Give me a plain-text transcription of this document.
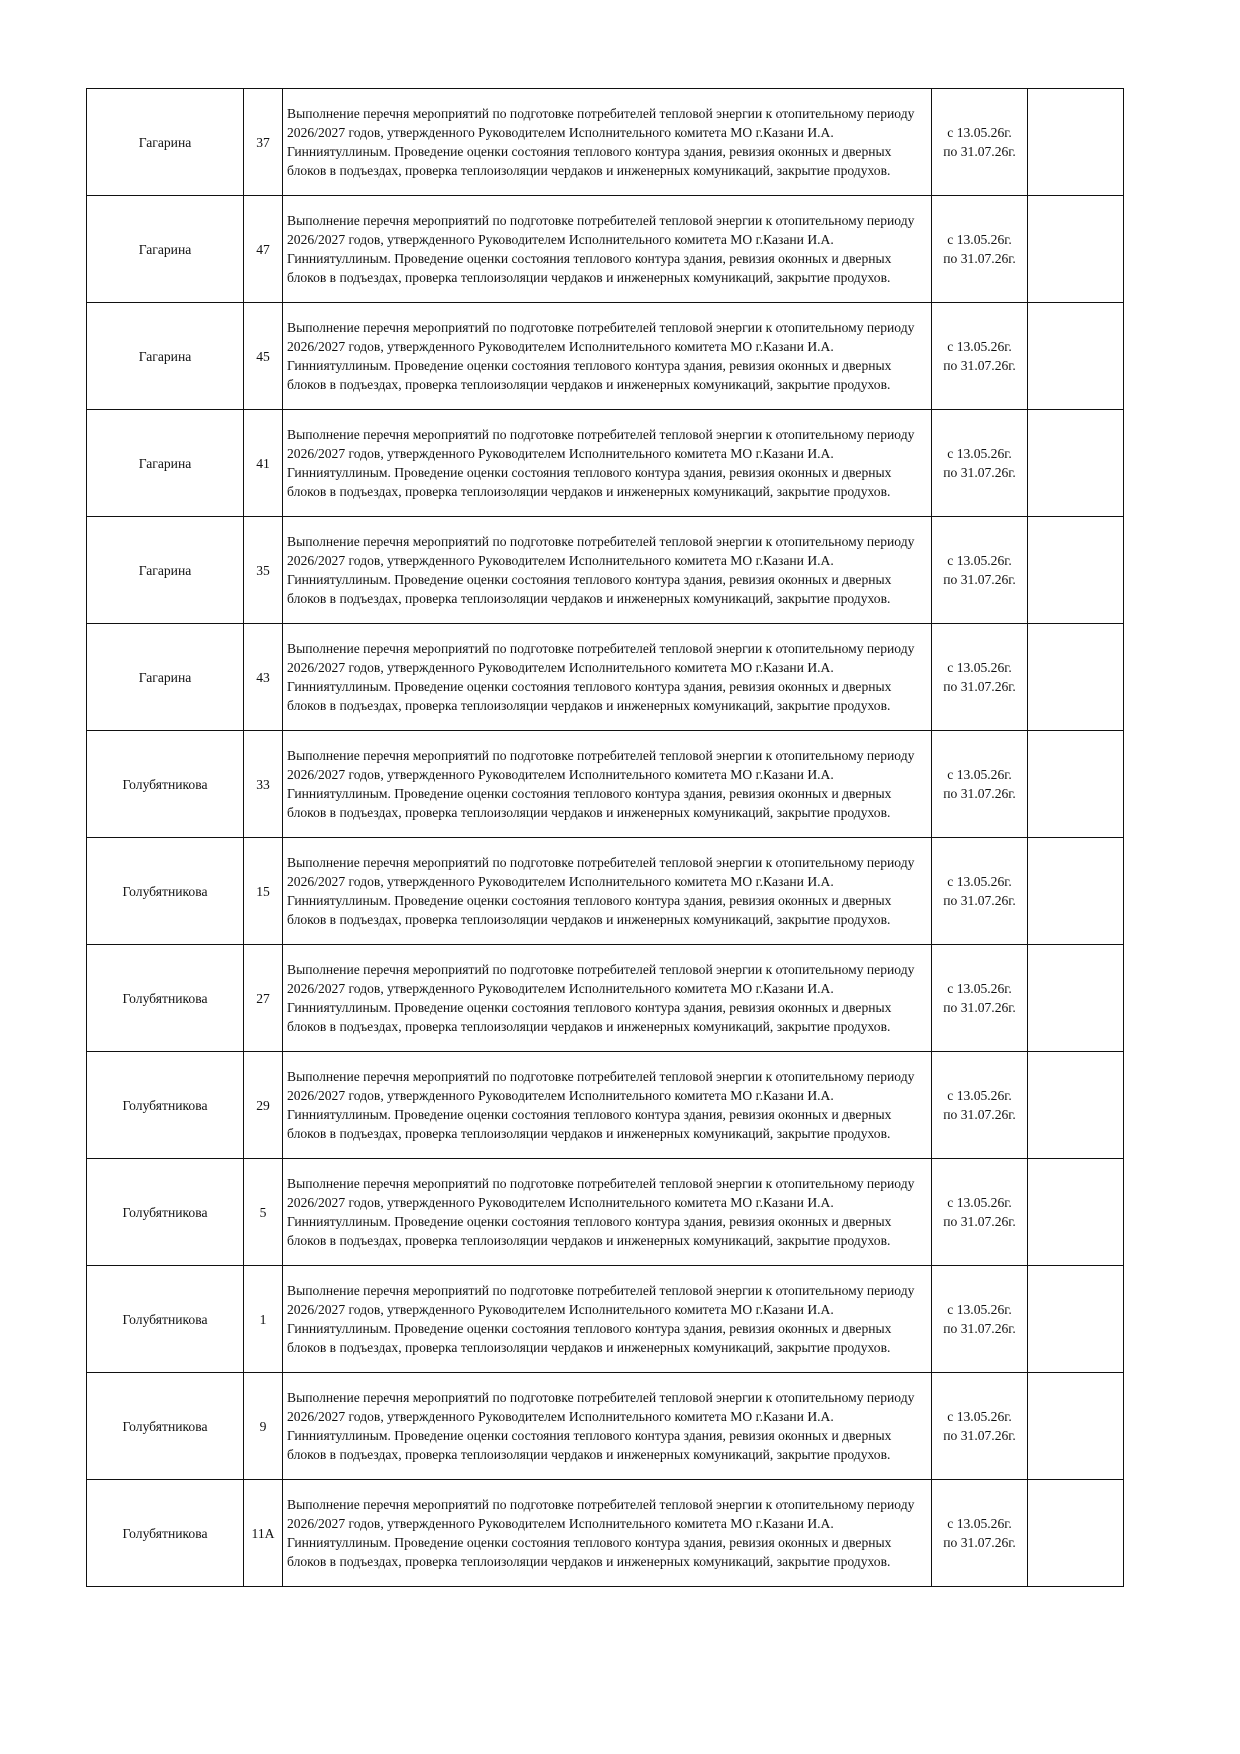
Гагарина	37	Выполнение перечня мероприятий по подготовке потребителей тепловой энергии к отопительному периоду 2026/2027 годов, утвержденного Руководителем Исполнительного комитета МО г.Казани И.А. Гинниятуллиным. Проведение оценки состояния теплового контура здания, ревизия оконных и дверных блоков в подъездах, проверка теплоизоляции чердаков и инженерных комуникаций, закрытие продухов.	с 13.05.26г.
по 31.07.26г.	

Гагарина	47	Выполнение перечня мероприятий по подготовке потребителей тепловой энергии к отопительному периоду 2026/2027 годов, утвержденного Руководителем Исполнительного комитета МО г.Казани И.А. Гинниятуллиным. Проведение оценки состояния теплового контура здания, ревизия оконных и дверных блоков в подъездах, проверка теплоизоляции чердаков и инженерных комуникаций, закрытие продухов.	с 13.05.26г.
по 31.07.26г.	

Гагарина	45	Выполнение перечня мероприятий по подготовке потребителей тепловой энергии к отопительному периоду 2026/2027 годов, утвержденного Руководителем Исполнительного комитета МО г.Казани И.А. Гинниятуллиным. Проведение оценки состояния теплового контура здания, ревизия оконных и дверных блоков в подъездах, проверка теплоизоляции чердаков и инженерных комуникаций, закрытие продухов.	с 13.05.26г.
по 31.07.26г.	

Гагарина	41	Выполнение перечня мероприятий по подготовке потребителей тепловой энергии к отопительному периоду 2026/2027 годов, утвержденного Руководителем Исполнительного комитета МО г.Казани И.А. Гинниятуллиным. Проведение оценки состояния теплового контура здания, ревизия оконных и дверных блоков в подъездах, проверка теплоизоляции чердаков и инженерных комуникаций, закрытие продухов.	с 13.05.26г.
по 31.07.26г.	

Гагарина	35	Выполнение перечня мероприятий по подготовке потребителей тепловой энергии к отопительному периоду 2026/2027 годов, утвержденного Руководителем Исполнительного комитета МО г.Казани И.А. Гинниятуллиным. Проведение оценки состояния теплового контура здания, ревизия оконных и дверных блоков в подъездах, проверка теплоизоляции чердаков и инженерных комуникаций, закрытие продухов.	с 13.05.26г.
по 31.07.26г.	

Гагарина	43	Выполнение перечня мероприятий по подготовке потребителей тепловой энергии к отопительному периоду 2026/2027 годов, утвержденного Руководителем Исполнительного комитета МО г.Казани И.А. Гинниятуллиным. Проведение оценки состояния теплового контура здания, ревизия оконных и дверных блоков в подъездах, проверка теплоизоляции чердаков и инженерных комуникаций, закрытие продухов.	с 13.05.26г.
по 31.07.26г.	

Голубятникова	33	Выполнение перечня мероприятий по подготовке потребителей тепловой энергии к отопительному периоду 2026/2027 годов, утвержденного Руководителем Исполнительного комитета МО г.Казани И.А. Гинниятуллиным. Проведение оценки состояния теплового контура здания, ревизия оконных и дверных блоков в подъездах, проверка теплоизоляции чердаков и инженерных комуникаций, закрытие продухов.	с 13.05.26г.
по 31.07.26г.	

Голубятникова	15	Выполнение перечня мероприятий по подготовке потребителей тепловой энергии к отопительному периоду 2026/2027 годов, утвержденного Руководителем Исполнительного комитета МО г.Казани И.А. Гинниятуллиным. Проведение оценки состояния теплового контура здания, ревизия оконных и дверных блоков в подъездах, проверка теплоизоляции чердаков и инженерных комуникаций, закрытие продухов.	с 13.05.26г.
по 31.07.26г.	

Голубятникова	27	Выполнение перечня мероприятий по подготовке потребителей тепловой энергии к отопительному периоду 2026/2027 годов, утвержденного Руководителем Исполнительного комитета МО г.Казани И.А. Гинниятуллиным. Проведение оценки состояния теплового контура здания, ревизия оконных и дверных блоков в подъездах, проверка теплоизоляции чердаков и инженерных комуникаций, закрытие продухов.	с 13.05.26г.
по 31.07.26г.	

Голубятникова	29	Выполнение перечня мероприятий по подготовке потребителей тепловой энергии к отопительному периоду 2026/2027 годов, утвержденного Руководителем Исполнительного комитета МО г.Казани И.А. Гинниятуллиным. Проведение оценки состояния теплового контура здания, ревизия оконных и дверных блоков в подъездах, проверка теплоизоляции чердаков и инженерных комуникаций, закрытие продухов.	с 13.05.26г.
по 31.07.26г.	

Голубятникова	5	Выполнение перечня мероприятий по подготовке потребителей тепловой энергии к отопительному периоду 2026/2027 годов, утвержденного Руководителем Исполнительного комитета МО г.Казани И.А. Гинниятуллиным. Проведение оценки состояния теплового контура здания, ревизия оконных и дверных блоков в подъездах, проверка теплоизоляции чердаков и инженерных комуникаций, закрытие продухов.	с 13.05.26г.
по 31.07.26г.	

Голубятникова	1	Выполнение перечня мероприятий по подготовке потребителей тепловой энергии к отопительному периоду 2026/2027 годов, утвержденного Руководителем Исполнительного комитета МО г.Казани И.А. Гинниятуллиным. Проведение оценки состояния теплового контура здания, ревизия оконных и дверных блоков в подъездах, проверка теплоизоляции чердаков и инженерных комуникаций, закрытие продухов.	с 13.05.26г.
по 31.07.26г.	

Голубятникова	9	Выполнение перечня мероприятий по подготовке потребителей тепловой энергии к отопительному периоду 2026/2027 годов, утвержденного Руководителем Исполнительного комитета МО г.Казани И.А. Гинниятуллиным. Проведение оценки состояния теплового контура здания, ревизия оконных и дверных блоков в подъездах, проверка теплоизоляции чердаков и инженерных комуникаций, закрытие продухов.	с 13.05.26г.
по 31.07.26г.	

Голубятникова	11А	Выполнение перечня мероприятий по подготовке потребителей тепловой энергии к отопительному периоду 2026/2027 годов, утвержденного Руководителем Исполнительного комитета МО г.Казани И.А. Гинниятуллиным. Проведение оценки состояния теплового контура здания, ревизия оконных и дверных блоков в подъездах, проверка теплоизоляции чердаков и инженерных комуникаций, закрытие продухов.	с 13.05.26г.
по 31.07.26г.	
